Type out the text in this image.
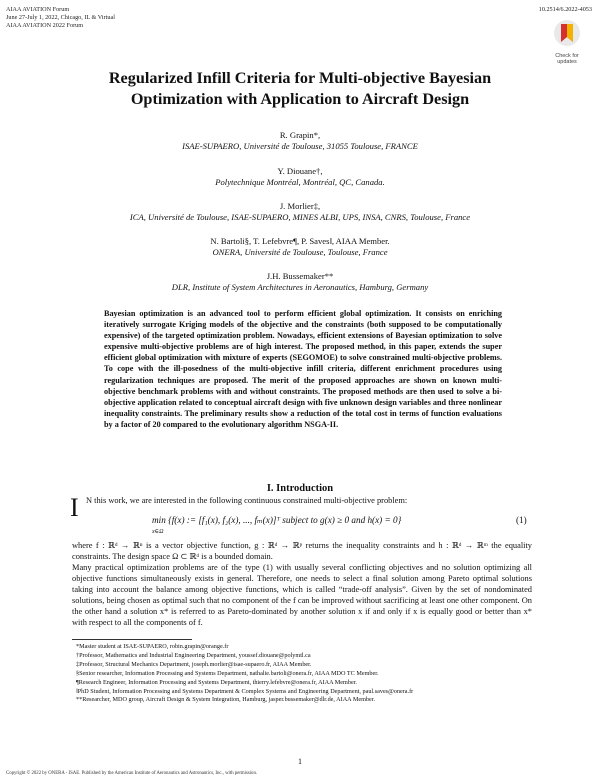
AIAA AVIATION Forum
June 27-July 1, 2022, Chicago, IL & Virtual
AIAA AVIATION 2022 Forum
10.2514/6.2022-4053
Check for
updates
Regularized Infill Criteria for Multi-objective Bayesian
Optimization with Application to Aircraft Design
R. Grapin*,
ISAE-SUPAERO, Université de Toulouse, 31055 Toulouse, FRANCE
Y. Diouane†,
Polytechnique Montréal, Montréal, QC, Canada.
J. Morlier‡,
ICA, Université de Toulouse, ISAE-SUPAERO, MINES ALBI, UPS, INSA, CNRS, Toulouse, France
N. Bartoli§, T. Lefebvre¶, P. Saves‖, AIAA Member.
ONERA, Université de Toulouse, Toulouse, France
J.H. Bussemaker**
DLR, Institute of System Architectures in Aeronautics, Hamburg, Germany
Bayesian optimization is an advanced tool to perform efficient global optimization. It consists on enriching iteratively surrogate Kriging models of the objective and the constraints (both supposed to be computationally expensive) of the targeted optimization problem. Nowadays, efficient extensions of Bayesian optimization to solve expensive multi-objective problems are of high interest. The proposed method, in this paper, extends the super efficient global optimization with mixture of experts (SEGOMOE) to solve constrained multi-objective problems. To cope with the ill-posedness of the multi-objective infill criteria, different enrichment procedures using regularization techniques are proposed. The merit of the proposed approaches are shown on known multi-objective benchmark problems with and without constraints. The proposed methods are then used to solve a bi-objective application related to conceptual aircraft design with five unknown design variables and three nonlinear inequality constraints. The preliminary results show a reduction of the total cost in terms of function evaluations by a factor of 20 compared to the evolutionary algorithm NSGA-II.
I. Introduction
I N this work, we are interested in the following continuous constrained multi-objective problem:
min {f(x) := [f₁(x), f₂(x), ..., fₘ(x)]ᵀ subject to g(x) ≥ 0 and h(x) = 0}
x∈Ω
(1)
where f : ℝᵈ → ℝⁿ is a vector objective function, g : ℝᵈ → ℝᵖ returns the inequality constraints and h : ℝᵈ → ℝᵐ the equality constraints. The design space Ω ⊂ ℝᵈ is a bounded domain.
Many practical optimization problems are of the type (1) with usually several conflicting objectives and no solution optimizing all objective functions simultaneously exists in general. Therefore, one needs to select a final solution among Pareto optimal solutions taking into account the balance among objective functions, which is called “trade-off analysis”. Given by the set of nondominated solutions, being chosen as optimal such that no component of the f can be improved without sacrificing at least one other component. On the other hand a solution x* is referred to as Pareto-dominated by another solution x if and only if x is equally good or better than x* with respect to all the components of f.
*Master student at ISAE-SUPAERO, robin.grapin@orange.fr
†Professor, Mathematics and Industrial Engineering Department, youssef.diouane@polymtl.ca
‡Professor, Structural Mechanics Department, joseph.morlier@isae-supaero.fr, AIAA Member.
§Senior researcher, Information Processing and Systems Department, nathalie.bartoli@onera.fr, AIAA MDO TC Member.
¶Research Engineer, Information Processing and Systems Department, thierry.lefebvre@onera.fr, AIAA Member.
‖PhD Student, Information Processing and Systems Department & Complex Systems and Engineering Department, paul.saves@onera.fr
**Researcher, MDO group, Aircraft Design & System Integration, Hamburg, jasper.bussemaker@dlr.de, AIAA Member.
1
Copyright © 2022 by ONERA - ISAE. Published by the American Institute of Aeronautics and Astronautics, Inc., with permission.
